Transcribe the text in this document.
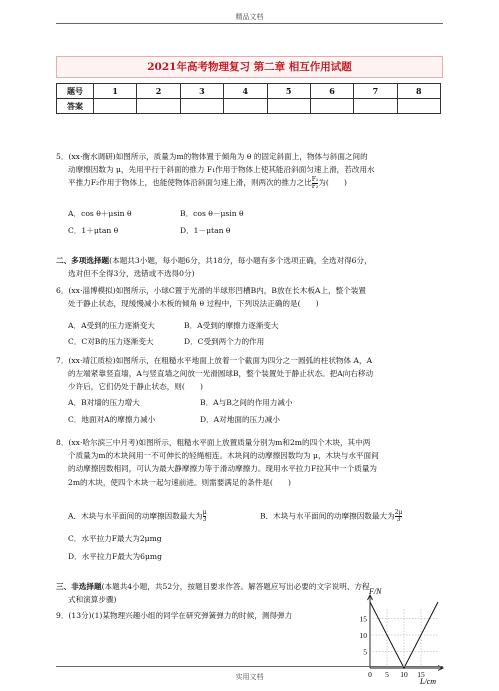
精品文档
2021年高考物理复习 第二章 相互作用试题
题号	1	2	3	4	5	6	7	8
答案								

5．(xx·衡水调研)如图所示，质量为m的物体置于倾角为 θ 的固定斜面上，物体与斜面之间的

动摩擦因数为 μ，先用平行于斜面的推力 F₁作用于物体上使其能沿斜面匀速上滑，若改用水

平推力F₂作用于物体上，也能使物体沿斜面匀速上滑，则两次的推力之比 $\frac{\text{F₁}}{\text{F₂}}$ 为(　　)

A．cos θ＋μsin θ	B．cos θ－μsin θ
C．1＋μtan θ	D．1－μtan θ

二、多项选择题(本题共3小题，每小题6分，共18分，每小题有多个选项正确，全选对得6分，

选对但不全得3分，选错或不选得0分)

6．(xx·淄博模拟)如图所示，小球C置于光滑的半球形凹槽B内，B放在长木板A上，整个装置

处于静止状态，现缓慢减小木板的倾角 θ 过程中，下列说法正确的是(　　)

A．A受到的压力逐渐变大	B．A受到的摩擦力逐渐变大
C．C对B的压力逐渐变大	D．C受到两个力的作用

7．(xx·靖江质检)如图所示，在粗糙水平地面上放着一个截面为四分之一圆弧的柱状物体 A，A

的左端紧靠竖直墙，A与竖直墙之间放一光滑圆球B，整个装置处于静止状态。把A向右移动

少许后，它们仍处于静止状态，则(　　)

A．B对墙的压力增大	B．A与B之间的作用力减小
C．地面对A的摩擦力减小	D．A对地面的压力减小

8．(xx·哈尔滨三中月考)如图所示，粗糙水平面上放置质量分别为m和2m的四个木块，其中两

个质量为m的木块间用一不可伸长的轻绳相连。木块间的动摩擦因数均为 μ，木块与水平面间

的动摩擦因数相同，可认为最大静摩擦力等于滑动摩擦力。现用水平拉力F拉其中一个质量为

2m的木块，使四个木块一起匀速前进。则需要满足的条件是(　　)

A．木块与水平面间的动摩擦因数最大为 $\frac{\mu}{3}$	B．木块与水平面间的动摩擦因数最大为 $\frac{2\mu}{3}$
C．水平拉力F最大为2μmg
D．水平拉力F最大为6μmg

三、非选择题(本题共4小题，共52分，按题目要求作答。解答题应写出必要的文字说明、方程

式和演算步骤)

9．(13分)(1)某物理兴趣小组的同学在研究弹簧弹力的时候，测得弹力

5
10
15
0 5 10 15
F/N
L/cm
实用文档
